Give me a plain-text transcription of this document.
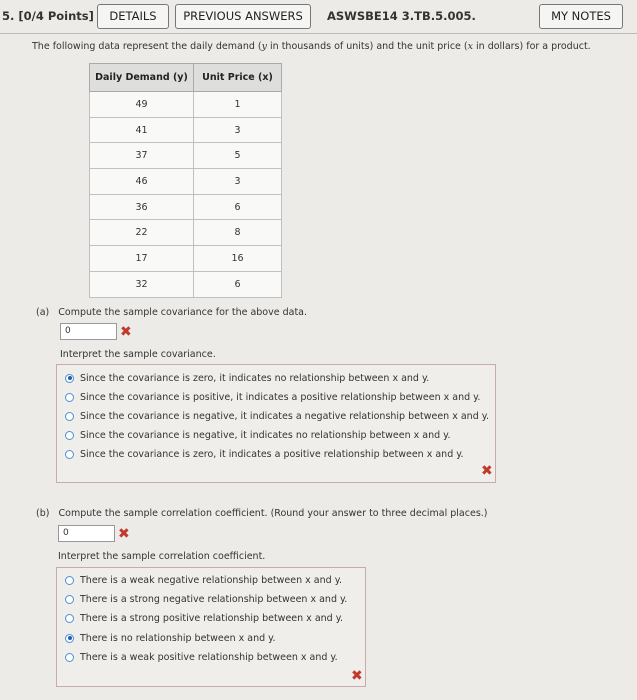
5. [0/4 Points]	DETAILS	PREVIOUS ANSWERS	ASWSBE14 3.TB.5.005.	MY NOTES
The following data represent the daily demand (y in thousands of units) and the unit price (x in dollars) for a product.
Daily Demand (y)	Unit Price (x)
49	1
41	3
37	5
46	3
36	6
22	8
17	16
32	6
(a) Compute the sample covariance for the above data.
0	✖
Interpret the sample covariance.
Since the covariance is zero, it indicates no relationship between x and y.
Since the covariance is positive, it indicates a positive relationship between x and y.
Since the covariance is negative, it indicates a negative relationship between x and y.
Since the covariance is negative, it indicates no relationship between x and y.
Since the covariance is zero, it indicates a positive relationship between x and y.
✖
(b) Compute the sample correlation coefficient. (Round your answer to three decimal places.)
0	✖
Interpret the sample correlation coefficient.
There is a weak negative relationship between x and y.
There is a strong negative relationship between x and y.
There is a strong positive relationship between x and y.
There is no relationship between x and y.
There is a weak positive relationship between x and y.
✖
